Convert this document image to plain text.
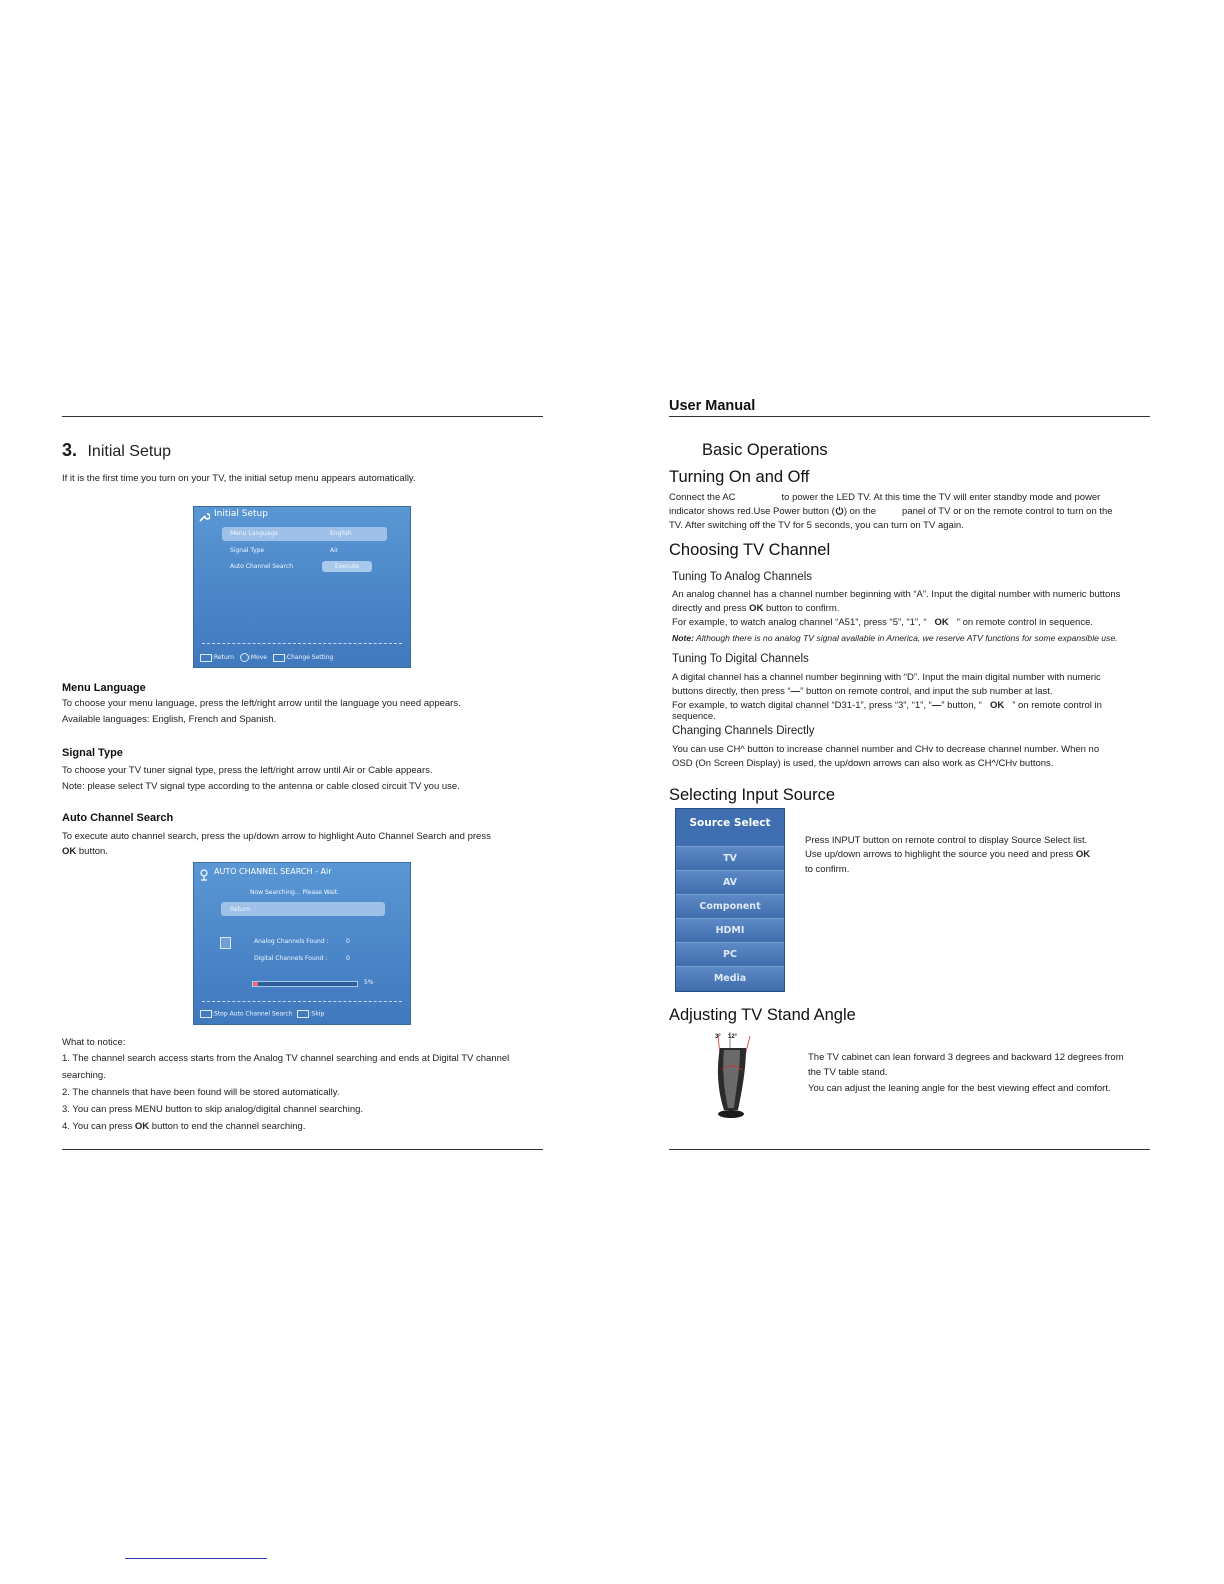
3. Initial Setup
If it is the first time you turn on your TV, the initial setup menu appears automatically.
Initial Setup
Menu Language	English
Signal Type	Air
Auto Channel Search	Execute
:Return :Move	:Change Setting
Menu Language
To choose your menu language, press the left/right arrow until the language you need appears.
Available languages: English, French and Spanish.
Signal Type
To choose your TV tuner signal type, press the left/right arrow until Air or Cable appears.
Note: please select TV signal type according to the antenna or cable closed circuit TV you use.
Auto Channel Search
To execute auto channel search, press the up/down arrow to highlight Auto Channel Search and press
OK button.
AUTO CHANNEL SEARCH - Air
Now Searching... Please Wait.
Return
Analog Channels Found :	0
Digital Channels Found :	0
5%
:Stop Auto Channel Search	:Skip
What to notice:
1. The channel search access starts from the Analog TV channel searching and ends at Digital TV channel
searching.
2. The channels that have been found will be stored automatically.
3. You can press MENU button to skip analog/digital channel searching.
4. You can press OK button to end the channel searching.
User Manual
Basic Operations
Turning On and Off
Connect the AC	to power the LED TV. At this time the TV will enter standby mode and power
indicator shows red.Use Power button ( ) on the	panel of TV or on the remote control to turn on the
TV. After switching off the TV for 5 seconds, you can turn on TV again.
Choosing TV Channel
Tuning To Analog Channels
An analog channel has a channel number beginning with “A”. Input the digital number with numeric buttons
directly and press OK button to confirm.
For example, to watch analog channel “A51”, press “5”, “1”, “ OK ” on remote control in sequence.
Note: Although there is no analog TV signal available in America, we reserve ATV functions for some expansible use.
Tuning To Digital Channels
A digital channel has a channel number beginning with “D”. Input the main digital number with numeric
buttons directly, then press “—” button on remote control, and input the sub number at last.
For example, to watch digital channel “D31-1”, press “3”, “1”, “—” button, “ OK ” on remote control in
sequence.
Changing Channels Directly
You can use CH^ button to increase channel number and CHv to decrease channel number. When no
OSD (On Screen Display) is used, the up/down arrows can also work as CH^/CHv buttons.
Selecting Input Source
Source Select
TV
AV
Component
HDMI
PC
Media
Press INPUT button on remote control to display Source Select list.
Use up/down arrows to highlight the source you need and press OK
to confirm.
Adjusting TV Stand Angle
3° 12°
The TV cabinet can lean forward 3 degrees and backward 12 degrees from
the TV table stand.
You can adjust the leaning angle for the best viewing effect and comfort.
